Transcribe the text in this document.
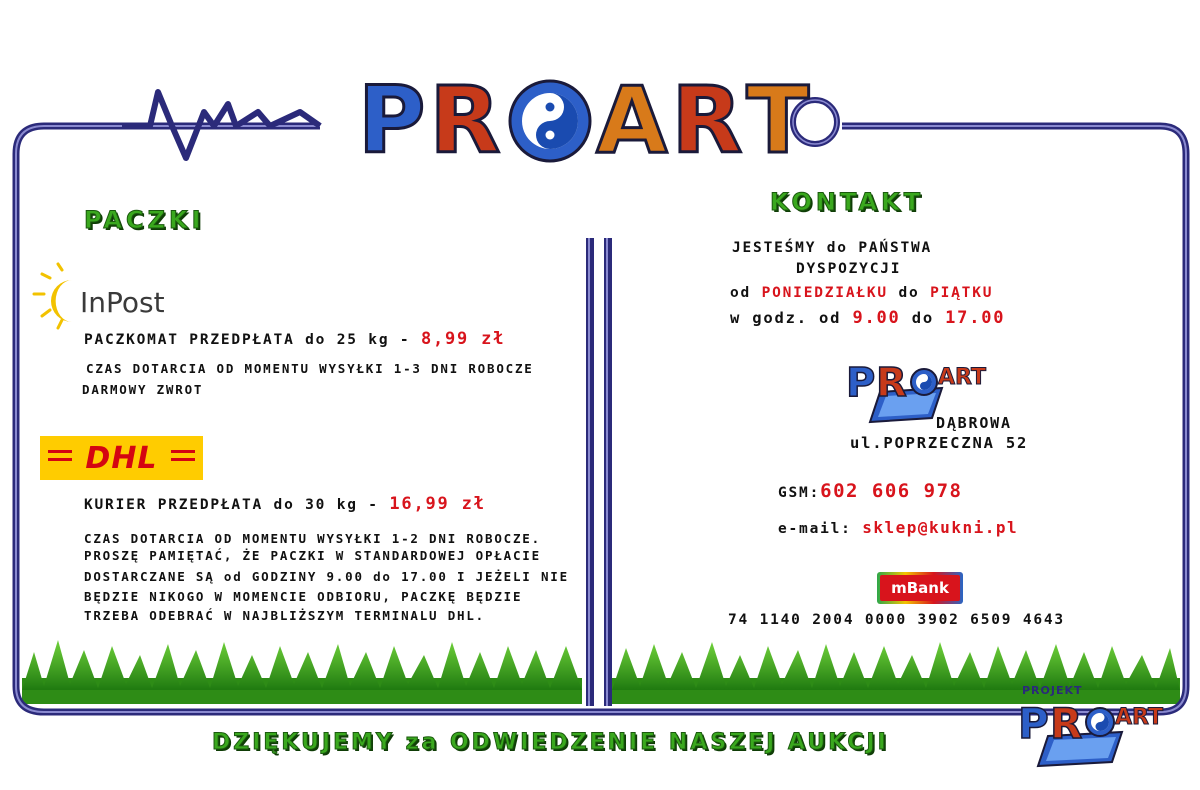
P R A R T
PACZKI
InPost
PACZKOMAT PRZEDPŁATA do 25 kg - 8,99 zł
CZAS DOTARCIA OD MOMENTU WYSYŁKI 1-3 DNI ROBOCZE
DARMOWY ZWROT
DHL
KURIER PRZEDPŁATA do 30 kg - 16,99 zł
CZAS DOTARCIA OD MOMENTU WYSYŁKI 1-2 DNI ROBOCZE.
PROSZĘ PAMIĘTAĆ, ŻE PACZKI W STANDARDOWEJ OPŁACIE
DOSTARCZANE SĄ od GODZINY 9.00 do 17.00 I JEŻELI NIE
BĘDZIE NIKOGO W MOMENCIE ODBIORU, PACZKĘ BĘDZIE
TRZEBA ODEBRAĆ W NAJBLIŻSZYM TERMINALU DHL.
KONTAKT
JESTEŚMY do PAŃSTWA
DYSPOZYCJI
od PONIEDZIAŁKU do PIĄTKU
w godz. od 9.00 do 17.00
P R ART
DĄBROWA
ul.POPRZECZNA 52
GSM:602 606 978
e-mail: sklep@kukni.pl
mBank
74 1140 2004 0000 3902 6509 4643
DZIĘKUJEMY za ODWIEDZENIE NASZEJ AUKCJI
PROJEKT
P R ART
